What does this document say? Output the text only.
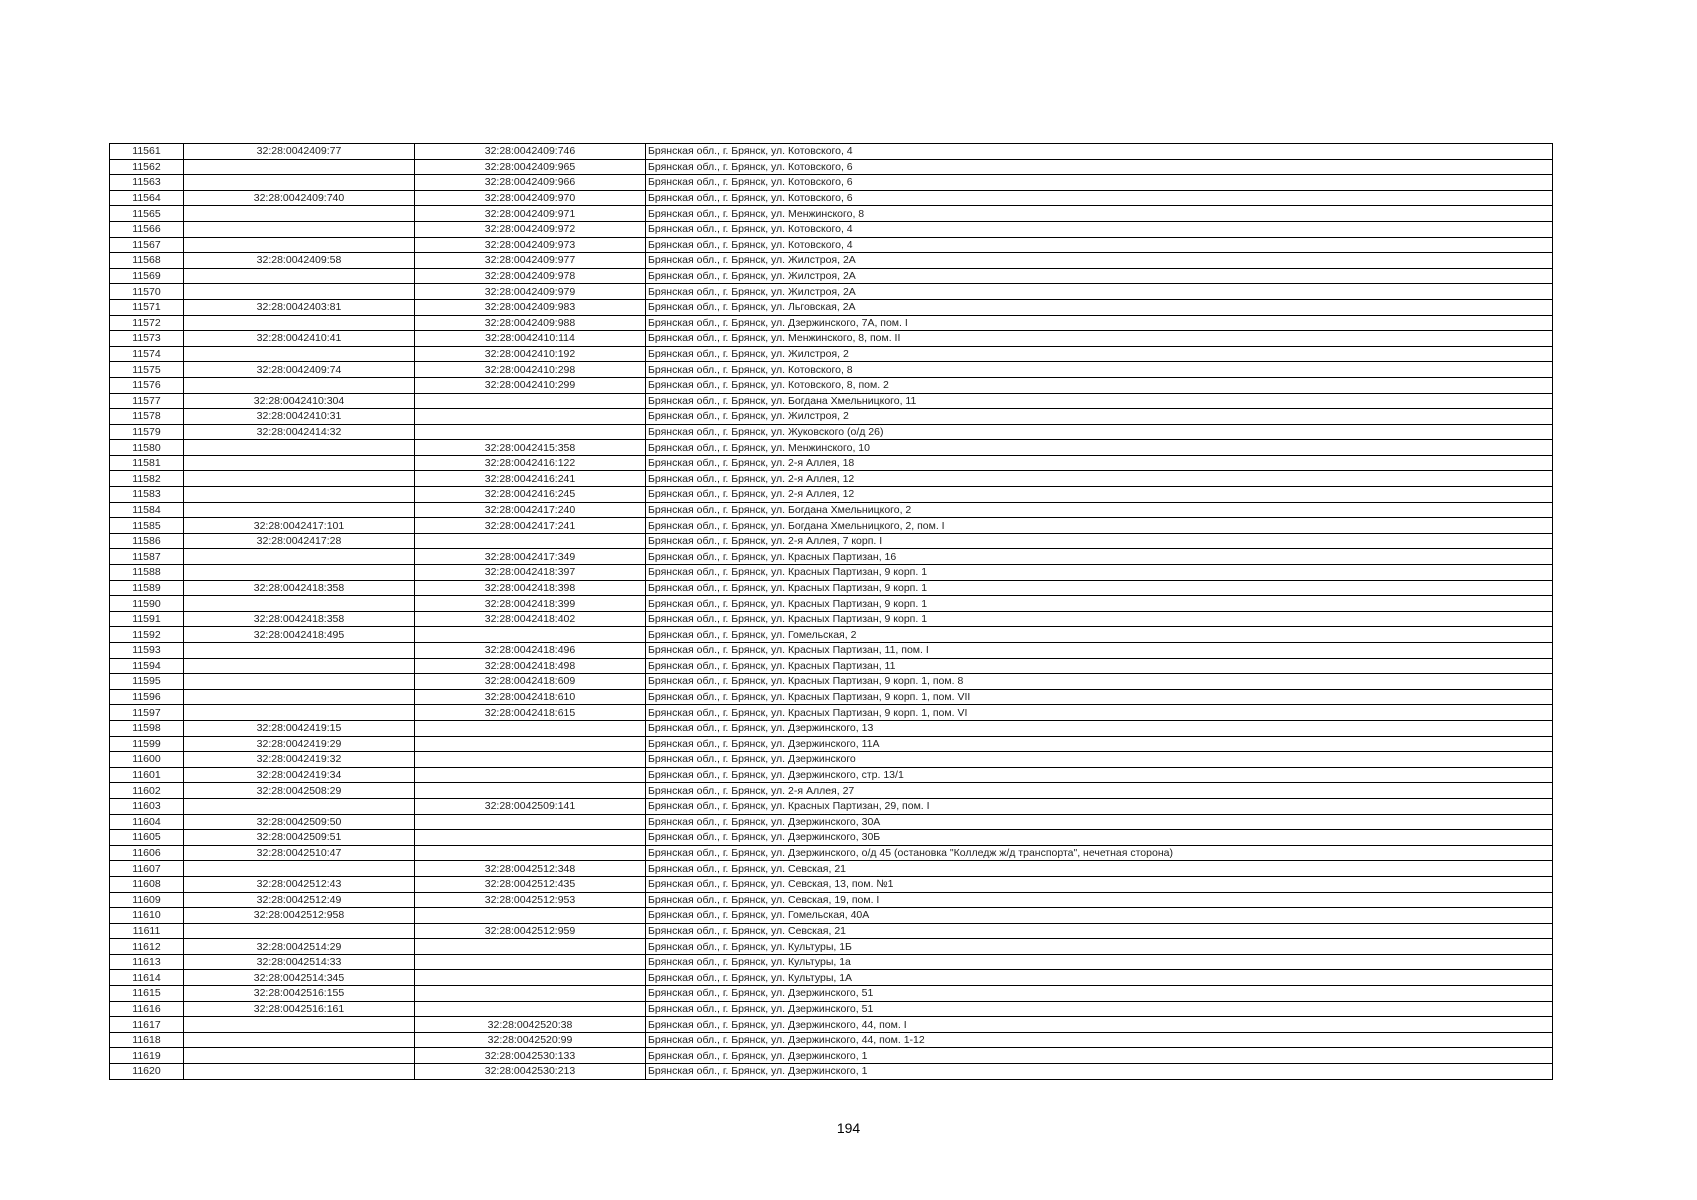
11561	32:28:0042409:77	32:28:0042409:746	Брянская обл., г. Брянск, ул. Котовского, 4
11562		32:28:0042409:965	Брянская обл., г. Брянск, ул. Котовского, 6
11563		32:28:0042409:966	Брянская обл., г. Брянск, ул. Котовского, 6
11564	32:28:0042409:740	32:28:0042409:970	Брянская обл., г. Брянск, ул. Котовского, 6
11565		32:28:0042409:971	Брянская обл., г. Брянск, ул. Менжинского, 8
11566		32:28:0042409:972	Брянская обл., г. Брянск, ул. Котовского, 4
11567		32:28:0042409:973	Брянская обл., г. Брянск, ул. Котовского, 4
11568	32:28:0042409:58	32:28:0042409:977	Брянская обл., г. Брянск, ул. Жилстроя, 2А
11569		32:28:0042409:978	Брянская обл., г. Брянск, ул. Жилстроя, 2А
11570		32:28:0042409:979	Брянская обл., г. Брянск, ул. Жилстроя, 2А
11571	32:28:0042403:81	32:28:0042409:983	Брянская обл., г. Брянск, ул. Льговская, 2А
11572		32:28:0042409:988	Брянская обл., г. Брянск, ул. Дзержинского, 7А, пом. I
11573	32:28:0042410:41	32:28:0042410:114	Брянская обл., г. Брянск, ул. Менжинского, 8, пом. II
11574		32:28:0042410:192	Брянская обл., г. Брянск, ул. Жилстроя, 2
11575	32:28:0042409:74	32:28:0042410:298	Брянская обл., г. Брянск, ул. Котовского, 8
11576		32:28:0042410:299	Брянская обл., г. Брянск, ул. Котовского, 8, пом. 2
11577	32:28:0042410:304		Брянская обл., г. Брянск, ул. Богдана Хмельницкого, 11
11578	32:28:0042410:31		Брянская обл., г. Брянск, ул. Жилстроя, 2
11579	32:28:0042414:32		Брянская обл., г. Брянск, ул. Жуковского (о/д 26)
11580		32:28:0042415:358	Брянская обл., г. Брянск, ул. Менжинского, 10
11581		32:28:0042416:122	Брянская обл., г. Брянск, ул. 2-я Аллея, 18
11582		32:28:0042416:241	Брянская обл., г. Брянск, ул. 2-я Аллея, 12
11583		32:28:0042416:245	Брянская обл., г. Брянск, ул. 2-я Аллея, 12
11584		32:28:0042417:240	Брянская обл., г. Брянск, ул. Богдана Хмельницкого, 2
11585	32:28:0042417:101	32:28:0042417:241	Брянская обл., г. Брянск, ул. Богдана Хмельницкого, 2, пом. I
11586	32:28:0042417:28		Брянская обл., г. Брянск, ул. 2-я Аллея, 7 корп. I
11587		32:28:0042417:349	Брянская обл., г. Брянск, ул. Красных Партизан, 16
11588		32:28:0042418:397	Брянская обл., г. Брянск, ул. Красных Партизан, 9 корп. 1
11589	32:28:0042418:358	32:28:0042418:398	Брянская обл., г. Брянск, ул. Красных Партизан, 9 корп. 1
11590		32:28:0042418:399	Брянская обл., г. Брянск, ул. Красных Партизан, 9 корп. 1
11591	32:28:0042418:358	32:28:0042418:402	Брянская обл., г. Брянск, ул. Красных Партизан, 9 корп. 1
11592	32:28:0042418:495		Брянская обл., г. Брянск, ул. Гомельская, 2
11593		32:28:0042418:496	Брянская обл., г. Брянск, ул. Красных Партизан, 11, пом. I
11594		32:28:0042418:498	Брянская обл., г. Брянск, ул. Красных Партизан, 11
11595		32:28:0042418:609	Брянская обл., г. Брянск, ул. Красных Партизан, 9 корп. 1, пом. 8
11596		32:28:0042418:610	Брянская обл., г. Брянск, ул. Красных Партизан, 9 корп. 1, пом. VII
11597		32:28:0042418:615	Брянская обл., г. Брянск, ул. Красных Партизан, 9 корп. 1, пом. VI
11598	32:28:0042419:15		Брянская обл., г. Брянск, ул. Дзержинского, 13
11599	32:28:0042419:29		Брянская обл., г. Брянск, ул. Дзержинского, 11А
11600	32:28:0042419:32		Брянская обл., г. Брянск, ул. Дзержинского
11601	32:28:0042419:34		Брянская обл., г. Брянск, ул. Дзержинского, стр. 13/1
11602	32:28:0042508:29		Брянская обл., г. Брянск, ул. 2-я Аллея, 27
11603		32:28:0042509:141	Брянская обл., г. Брянск, ул. Красных Партизан, 29, пом. I
11604	32:28:0042509:50		Брянская обл., г. Брянск, ул. Дзержинского, 30А
11605	32:28:0042509:51		Брянская обл., г. Брянск, ул. Дзержинского, 30Б
11606	32:28:0042510:47		Брянская обл., г. Брянск, ул. Дзержинского, о/д 45 (остановка "Колледж ж/д транспорта", нечетная сторона)
11607		32:28:0042512:348	Брянская обл., г. Брянск, ул. Севская, 21
11608	32:28:0042512:43	32:28:0042512:435	Брянская обл., г. Брянск, ул. Севская, 13, пом. №1
11609	32:28:0042512:49	32:28:0042512:953	Брянская обл., г. Брянск, ул. Севская, 19, пом. I
11610	32:28:0042512:958		Брянская обл., г. Брянск, ул. Гомельская, 40А
11611		32:28:0042512:959	Брянская обл., г. Брянск, ул. Севская, 21
11612	32:28:0042514:29		Брянская обл., г. Брянск, ул. Культуры, 1Б
11613	32:28:0042514:33		Брянская обл., г. Брянск, ул. Культуры, 1а
11614	32:28:0042514:345		Брянская обл., г. Брянск, ул. Культуры, 1А
11615	32:28:0042516:155		Брянская обл., г. Брянск, ул. Дзержинского, 51
11616	32:28:0042516:161		Брянская обл., г. Брянск, ул. Дзержинского, 51
11617		32:28:0042520:38	Брянская обл., г. Брянск, ул. Дзержинского, 44, пом. I
11618		32:28:0042520:99	Брянская обл., г. Брянск, ул. Дзержинского, 44, пом. 1-12
11619		32:28:0042530:133	Брянская обл., г. Брянск, ул. Дзержинского, 1
11620		32:28:0042530:213	Брянская обл., г. Брянск, ул. Дзержинского, 1
194
